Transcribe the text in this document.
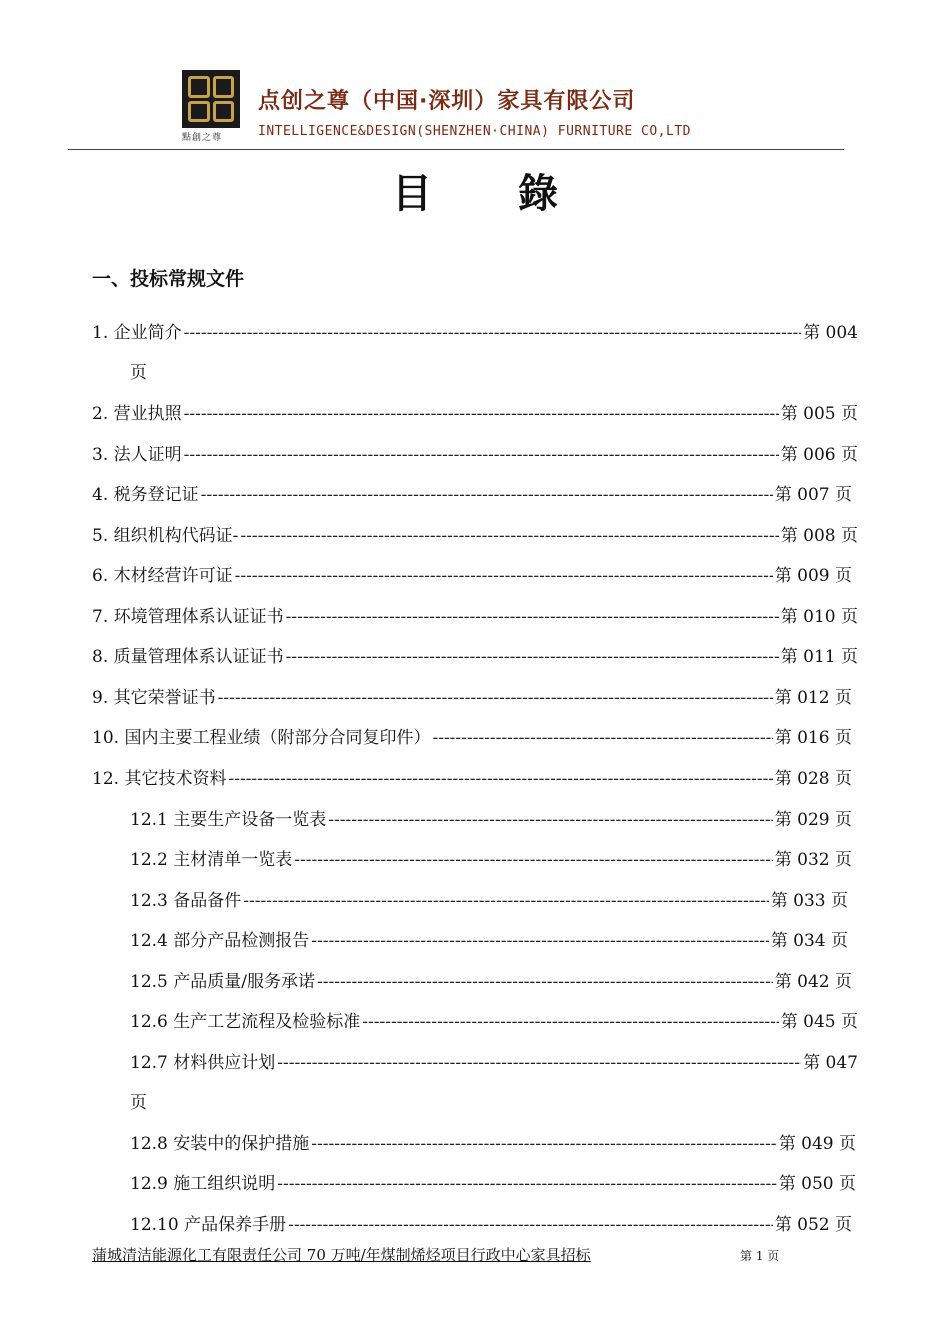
點創之尊
点创之尊（中国·深圳）家具有限公司
INTELLIGENCE&DESIGN(SHENZHEN·CHINA) FURNITURE CO,LTD
目 錄
一、投标常规文件
1. 企业简介 -----	第 004
页
2. 营业执照 -----	第 005 页
3. 法人证明 -----	第 006 页
4. 税务登记证 -----	第 007 页
5. 组织机构代码证- -----	第 008 页
6. 木材经营许可证 -----	第 009 页
7. 环境管理体系认证证书 -----	第 010 页
8. 质量管理体系认证证书 -----	第 011 页
9. 其它荣誉证书 -----	第 012 页
10. 国内主要工程业绩（附部分合同复印件） -----	第 016 页
12. 其它技术资料 -----	第 028 页
12.1 主要生产设备一览表 -----	第 029 页
12.2 主材清单一览表 -----	第 032 页
12.3 备品备件 -----	第 033 页
12.4 部分产品检测报告 -----	第 034 页
12.5 产品质量/服务承诺 -----	第 042 页
12.6 生产工艺流程及检验标准 -----	第 045 页
12.7 材料供应计划 -----	第 047
页
12.8 安装中的保护措施 -----	第 049 页
12.9 施工组织说明 -----	第 050 页
12.10 产品保养手册 -----	第 052 页
蒲城清洁能源化工有限责任公司 70 万吨/年煤制烯烃项目行政中心家具招标	第 1 页
